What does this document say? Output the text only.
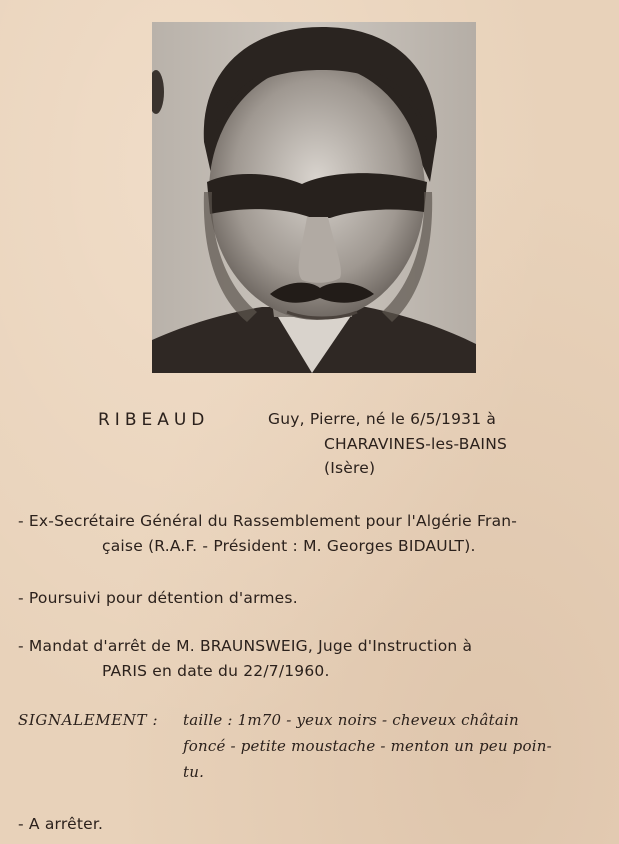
RIBEAUD	Guy, Pierre, né le 6/5/1931 à
CHARAVINES-les-BAINS
(Isère)
- Ex-Secrétaire Général du Rassemblement pour l'Algérie Fran-
çaise (R.A.F. - Président : M. Georges BIDAULT).
- Poursuivi pour détention d'armes.
- Mandat d'arrêt de M. BRAUNSWEIG, Juge d'Instruction à
PARIS en date du 22/7/1960.
SIGNALEMENT : taille : 1m70 - yeux noirs - cheveux châtain
foncé - petite moustache - menton un peu poin-
tu.
- A arrêter.
